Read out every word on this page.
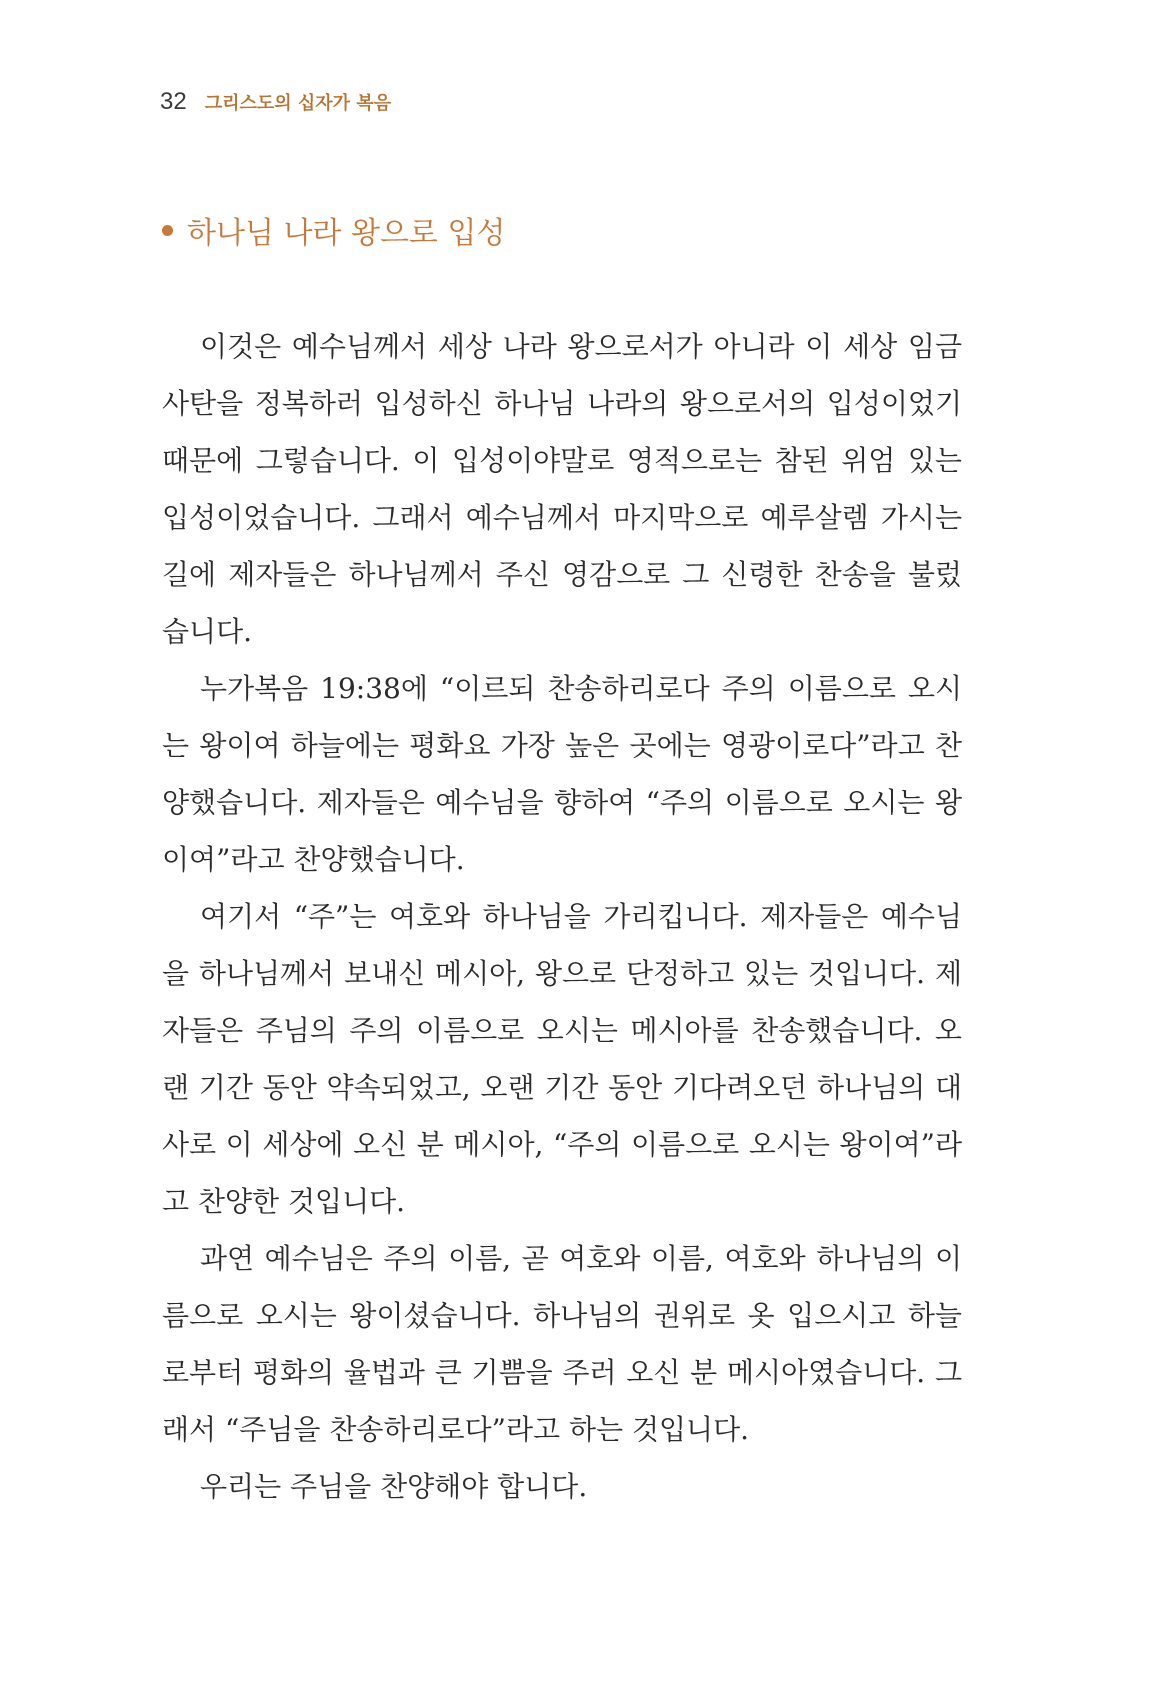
32 그리스도의 십자가 복음
하나님 나라 왕으로 입성

이것은 예수님께서 세상 나라 왕으로서가 아니라 이 세상 임금 사탄을 정복하러 입성하신 하나님 나라의 왕으로서의 입성이었기 때문에 그렇습니다. 이 입성이야말로 영적으로는 참된 위엄 있는 입성이었습니다. 그래서 예수님께서 마지막으로 예루살렘 가시는 길에 제자들은 하나님께서 주신 영감으로 그 신령한 찬송을 불렀습니다.

누가복음 19:38에 “이르되 찬송하리로다 주의 이름으로 오시는 왕이여 하늘에는 평화요 가장 높은 곳에는 영광이로다”라고 찬양했습니다. 제자들은 예수님을 향하여 “주의 이름으로 오시는 왕이여”라고 찬양했습니다.

여기서 “주”는 여호와 하나님을 가리킵니다. 제자들은 예수님을 하나님께서 보내신 메시아, 왕으로 단정하고 있는 것입니다. 제자들은 주님의 주의 이름으로 오시는 메시아를 찬송했습니다. 오랜 기간 동안 약속되었고, 오랜 기간 동안 기다려오던 하나님의 대사로 이 세상에 오신 분 메시아, “주의 이름으로 오시는 왕이여”라고 찬양한 것입니다.

과연 예수님은 주의 이름, 곧 여호와 이름, 여호와 하나님의 이름으로 오시는 왕이셨습니다. 하나님의 권위로 옷 입으시고 하늘로부터 평화의 율법과 큰 기쁨을 주러 오신 분 메시아였습니다. 그래서 “주님을 찬송하리로다”라고 하는 것입니다.

우리는 주님을 찬양해야 합니다.
